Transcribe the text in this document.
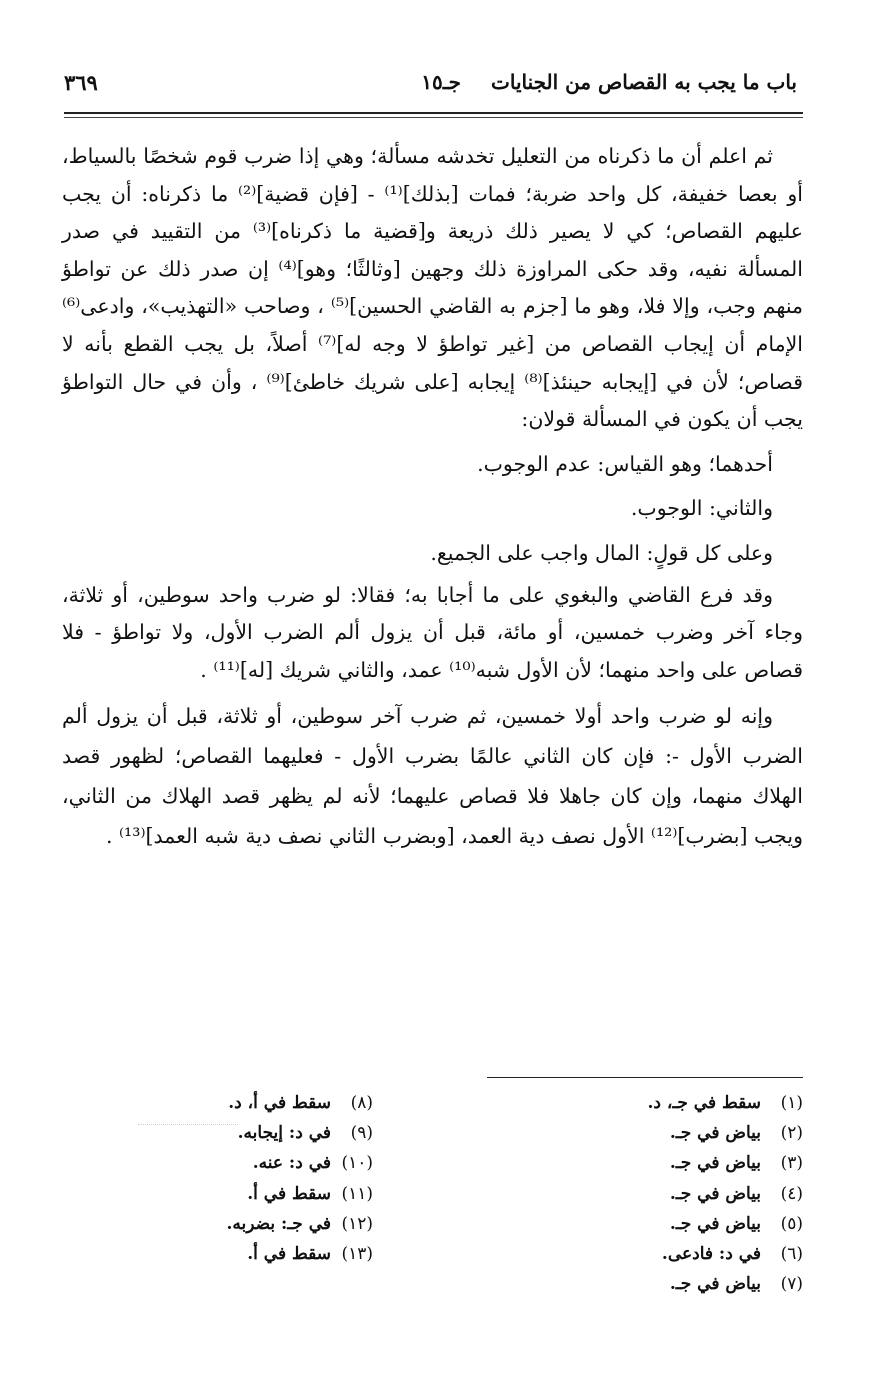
باب ما يجب به القصاص من الجنايات
جـ١٥
٣٦٩

ثم اعلم أن ما ذكرناه من التعليل تخدشه مسألة؛ وهي إذا ضرب قوم شخصًا بالسياط، أو بعصا خفيفة، كل واحد ضربة؛ فمات [بذلك]⁽¹⁾ - [فإن قضية]⁽²⁾ ما ذكرناه: أن يجب عليهم القصاص؛ كي لا يصير ذلك ذريعة و[قضية ما ذكرناه]⁽³⁾ من التقييد في صدر المسألة نفيه، وقد حكى المراوزة ذلك وجهين [وثالثًا؛ وهو]⁽⁴⁾ إن صدر ذلك عن تواطؤ منهم وجب، وإلا فلا، وهو ما [جزم به القاضي الحسين]⁽⁵⁾ ، وصاحب «التهذيب»، وادعى⁽⁶⁾ الإمام أن إيجاب القصاص من [غير تواطؤ لا وجه له]⁽⁷⁾ أصلاً، بل يجب القطع بأنه لا قصاص؛ لأن في [إيجابه حينئذ]⁽⁸⁾ إيجابه [على شريك خاطئ]⁽⁹⁾ ، وأن في حال التواطؤ يجب أن يكون في المسألة قولان:

أحدهما؛ وهو القياس: عدم الوجوب.

والثاني: الوجوب.

وعلى كل قولٍ: المال واجب على الجميع.

وقد فرع القاضي والبغوي على ما أجابا به؛ فقالا: لو ضرب واحد سوطين، أو ثلاثة، وجاء آخر وضرب خمسين، أو مائة، قبل أن يزول ألم الضرب الأول، ولا تواطؤ - فلا قصاص على واحد منهما؛ لأن الأول شبه⁽¹⁰⁾ عمد، والثاني شريك [له]⁽¹¹⁾ .

وإنه لو ضرب واحد أولا خمسين، ثم ضرب آخر سوطين، أو ثلاثة، قبل أن يزول ألم الضرب الأول -: فإن كان الثاني عالمًا بضرب الأول - فعليهما القصاص؛ لظهور قصد الهلاك منهما، وإن كان جاهلا فلا قصاص عليهما؛ لأنه لم يظهر قصد الهلاك من الثاني، ويجب [بضرب]⁽¹²⁾ الأول نصف دية العمد، [وبضرب الثاني نصف دية شبه العمد]⁽¹³⁾ .

(١)سقط في جـ، د.
(٢)بياض في جـ.
(٣)بياض في جـ.
(٤)بياض في جـ.
(٥)بياض في جـ.
(٦)في د: فادعى.
(٧)بياض في جـ.
(٨)سقط في أ، د.
(٩)في د: إيجابه.
(١٠)في د: عنه.
(١١)سقط في أ.
(١٢)في جـ: بضربه.
(١٣)سقط في أ.
